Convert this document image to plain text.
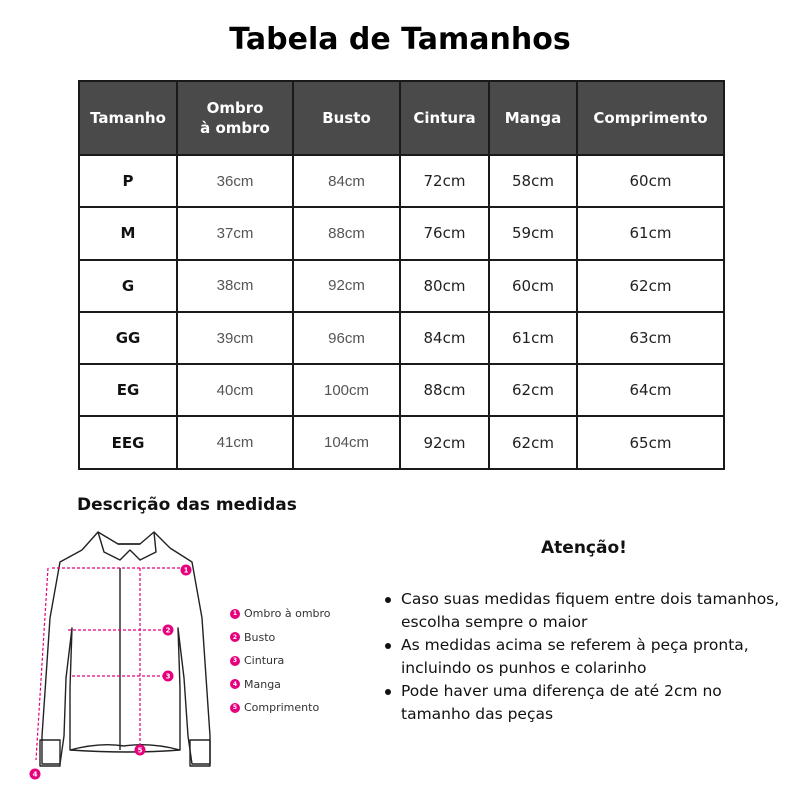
Tabela de Tamanhos
Tamanho	Ombro à ombro	Busto	Cintura	Manga	Comprimento
P	36cm	84cm	72cm	58cm	60cm
M	37cm	88cm	76cm	59cm	61cm
G	38cm	92cm	80cm	60cm	62cm
GG	39cm	96cm	84cm	61cm	63cm
EG	40cm	100cm	88cm	62cm	64cm
EEG	41cm	104cm	92cm	62cm	65cm
Descrição das medidas
1
2
3
4
5
1 Ombro à ombro
2 Busto
3 Cintura
4 Manga
5 Comprimento
Atenção!
Caso suas medidas fiquem entre dois tamanhos, escolha sempre o maior
As medidas acima se referem à peça pronta, incluindo os punhos e colarinho
Pode haver uma diferença de até 2cm no tamanho das peças
